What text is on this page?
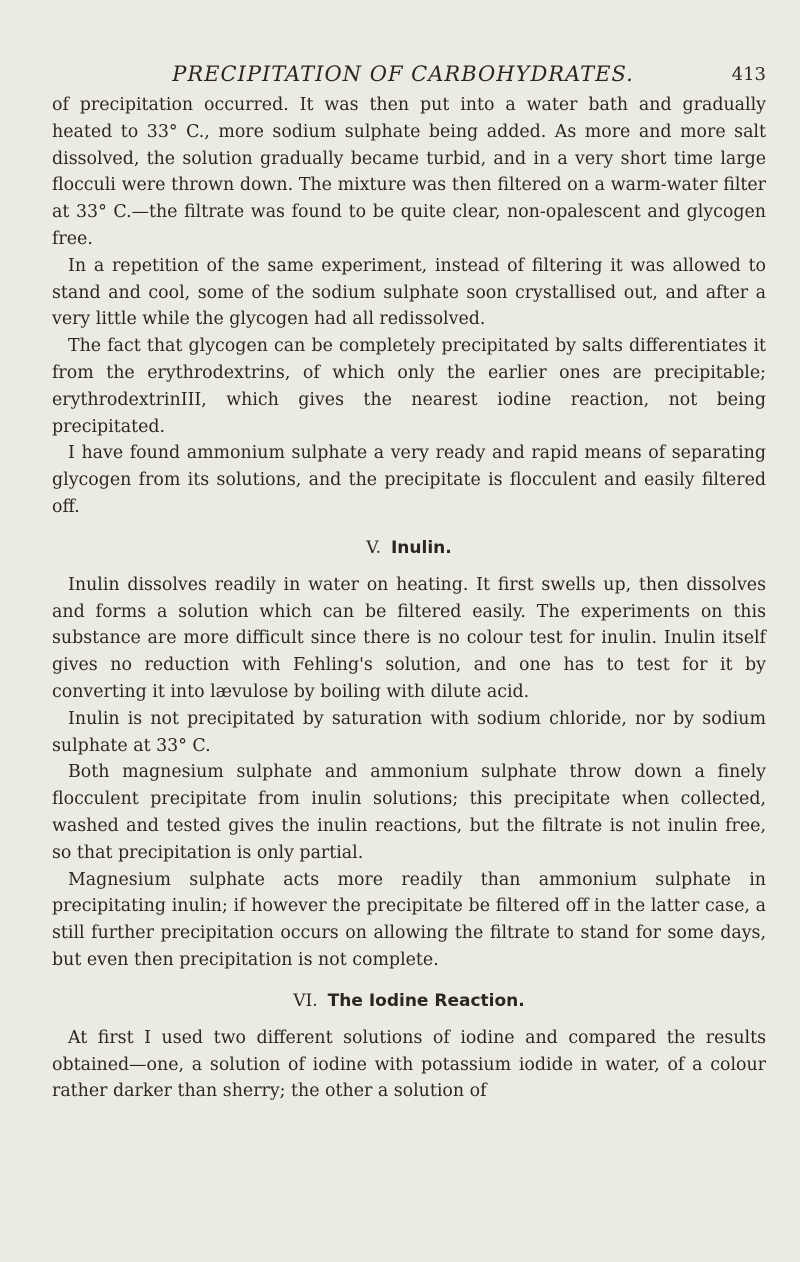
PRECIPITATION OF CARBOHYDRATES.	413

of precipitation occurred. It was then put into a water bath and gradually heated to 33° C., more sodium sulphate being added. As more and more salt dissolved, the solution gradually became turbid, and in a very short time large flocculi were thrown down. The mixture was then filtered on a warm-water filter at 33° C.—the filtrate was found to be quite clear, non-opalescent and glycogen free.

In a repetition of the same experiment, instead of filtering it was allowed to stand and cool, some of the sodium sulphate soon crystallised out, and after a very little while the glycogen had all redissolved.

The fact that glycogen can be completely precipitated by salts differentiates it from the erythrodextrins, of which only the earlier ones are precipitable; erythrodextrinIII, which gives the nearest iodine reaction, not being precipitated.

I have found ammonium sulphate a very ready and rapid means of separating glycogen from its solutions, and the precipitate is flocculent and easily filtered off.

V. Inulin.

Inulin dissolves readily in water on heating. It first swells up, then dissolves and forms a solution which can be filtered easily. The experiments on this substance are more difficult since there is no colour test for inulin. Inulin itself gives no reduction with Fehling's solution, and one has to test for it by converting it into lævulose by boiling with dilute acid.

Inulin is not precipitated by saturation with sodium chloride, nor by sodium sulphate at 33° C.

Both magnesium sulphate and ammonium sulphate throw down a finely flocculent precipitate from inulin solutions; this precipitate when collected, washed and tested gives the inulin reactions, but the filtrate is not inulin free, so that precipitation is only partial.

Magnesium sulphate acts more readily than ammonium sulphate in precipitating inulin; if however the precipitate be filtered off in the latter case, a still further precipitation occurs on allowing the filtrate to stand for some days, but even then precipitation is not complete.

VI. The Iodine Reaction.

At first I used two different solutions of iodine and compared the results obtained—one, a solution of iodine with potassium iodide in water, of a colour rather darker than sherry; the other a solution of
